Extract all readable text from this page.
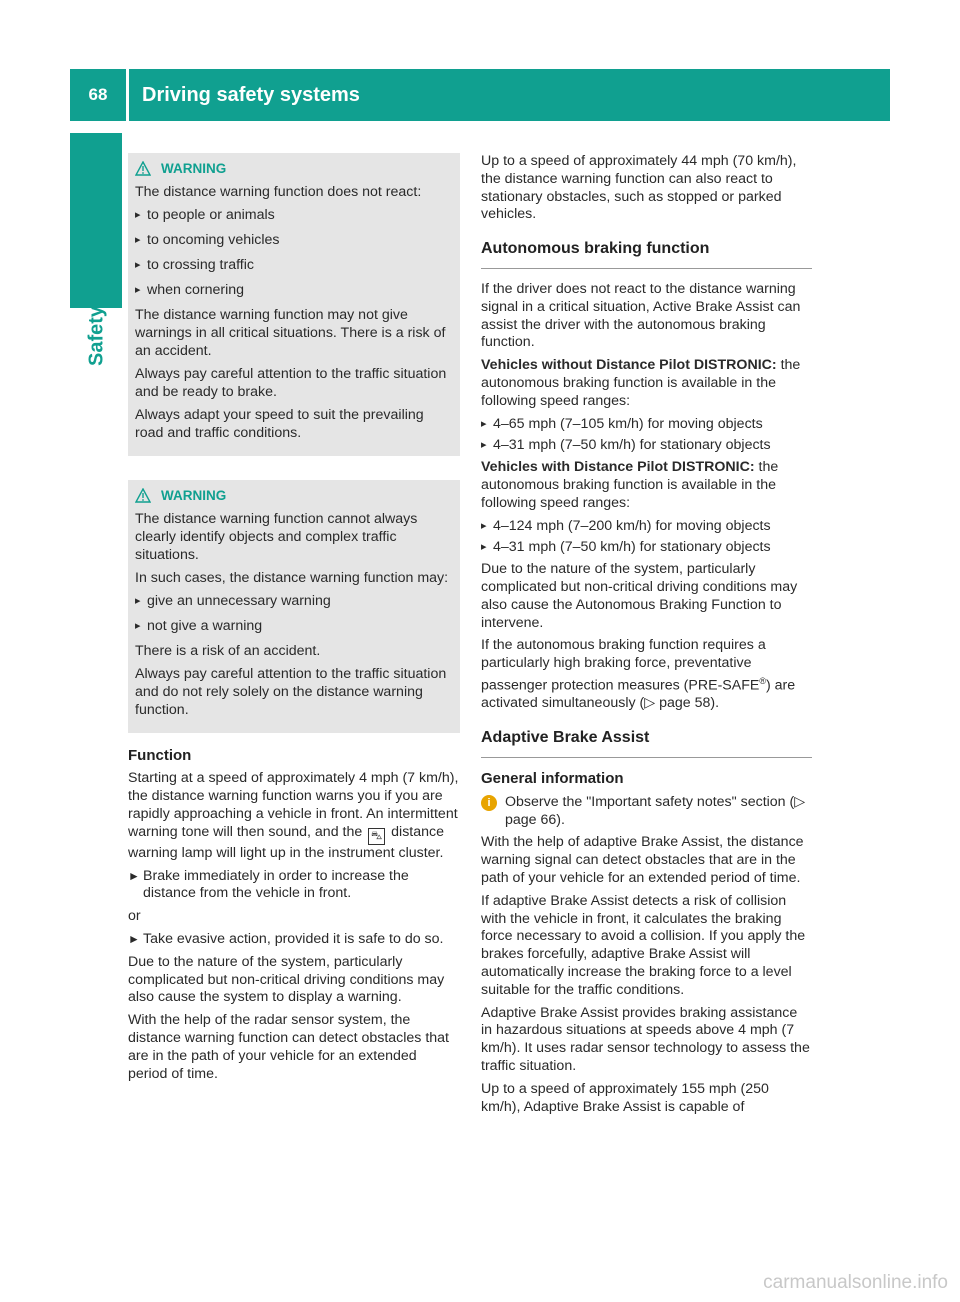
68	Driving safety systems
Safety
WARNING

The distance warning function does not react:

▸ to people or animals
▸ to oncoming vehicles
▸ to crossing traffic
▸ when cornering

The distance warning function may not give warnings in all critical situations. There is a risk of an accident.

Always pay careful attention to the traffic situation and be ready to brake.

Always adapt your speed to suit the prevailing road and traffic conditions.

WARNING

The distance warning function cannot always clearly identify objects and complex traffic situations.

In such cases, the distance warning function may:

▸ give an unnecessary warning
▸ not give a warning

There is a risk of an accident.

Always pay careful attention to the traffic situation and do not rely solely on the distance warning function.

Function

Starting at a speed of approximately 4 mph (7 km/h), the distance warning function warns you if you are rapidly approaching a vehicle in front. An intermittent warning tone will then sound, and the ⛍ distance warning lamp will light up in the instrument cluster.

► Brake immediately in order to increase the distance from the vehicle in front.

or

► Take evasive action, provided it is safe to do so.

Due to the nature of the system, particularly complicated but non-critical driving conditions may also cause the system to display a warning.

With the help of the radar sensor system, the distance warning function can detect obstacles that are in the path of your vehicle for an extended period of time.

Up to a speed of approximately 44 mph (70 km/h), the distance warning function can also react to stationary obstacles, such as stopped or parked vehicles.

Autonomous braking function

If the driver does not react to the distance warning signal in a critical situation, Active Brake Assist can assist the driver with the autonomous braking function.

Vehicles without Distance Pilot DISTRONIC: the autonomous braking function is available in the following speed ranges:

▸ 4–65 mph (7–105 km/h) for moving objects
▸ 4–31 mph (7–50 km/h) for stationary objects

Vehicles with Distance Pilot DISTRONIC: the autonomous braking function is available in the following speed ranges:

▸ 4–124 mph (7–200 km/h) for moving objects
▸ 4–31 mph (7–50 km/h) for stationary objects

Due to the nature of the system, particularly complicated but non-critical driving conditions may also cause the Autonomous Braking Function to intervene.

If the autonomous braking function requires a particularly high braking force, preventative passenger protection measures (PRE-SAFE®) are activated simultaneously (▷ page 58).

Adaptive Brake Assist
General information
i	Observe the "Important safety notes" section (▷ page 66).

With the help of adaptive Brake Assist, the distance warning signal can detect obstacles that are in the path of your vehicle for an extended period of time.

If adaptive Brake Assist detects a risk of collision with the vehicle in front, it calculates the braking force necessary to avoid a collision. If you apply the brakes forcefully, adaptive Brake Assist will automatically increase the braking force to a level suitable for the traffic conditions.

Adaptive Brake Assist provides braking assistance in hazardous situations at speeds above 4 mph (7 km/h). It uses radar sensor technology to assess the traffic situation.

Up to a speed of approximately 155 mph (250 km/h), Adaptive Brake Assist is capable of

carmanualsonline.info
